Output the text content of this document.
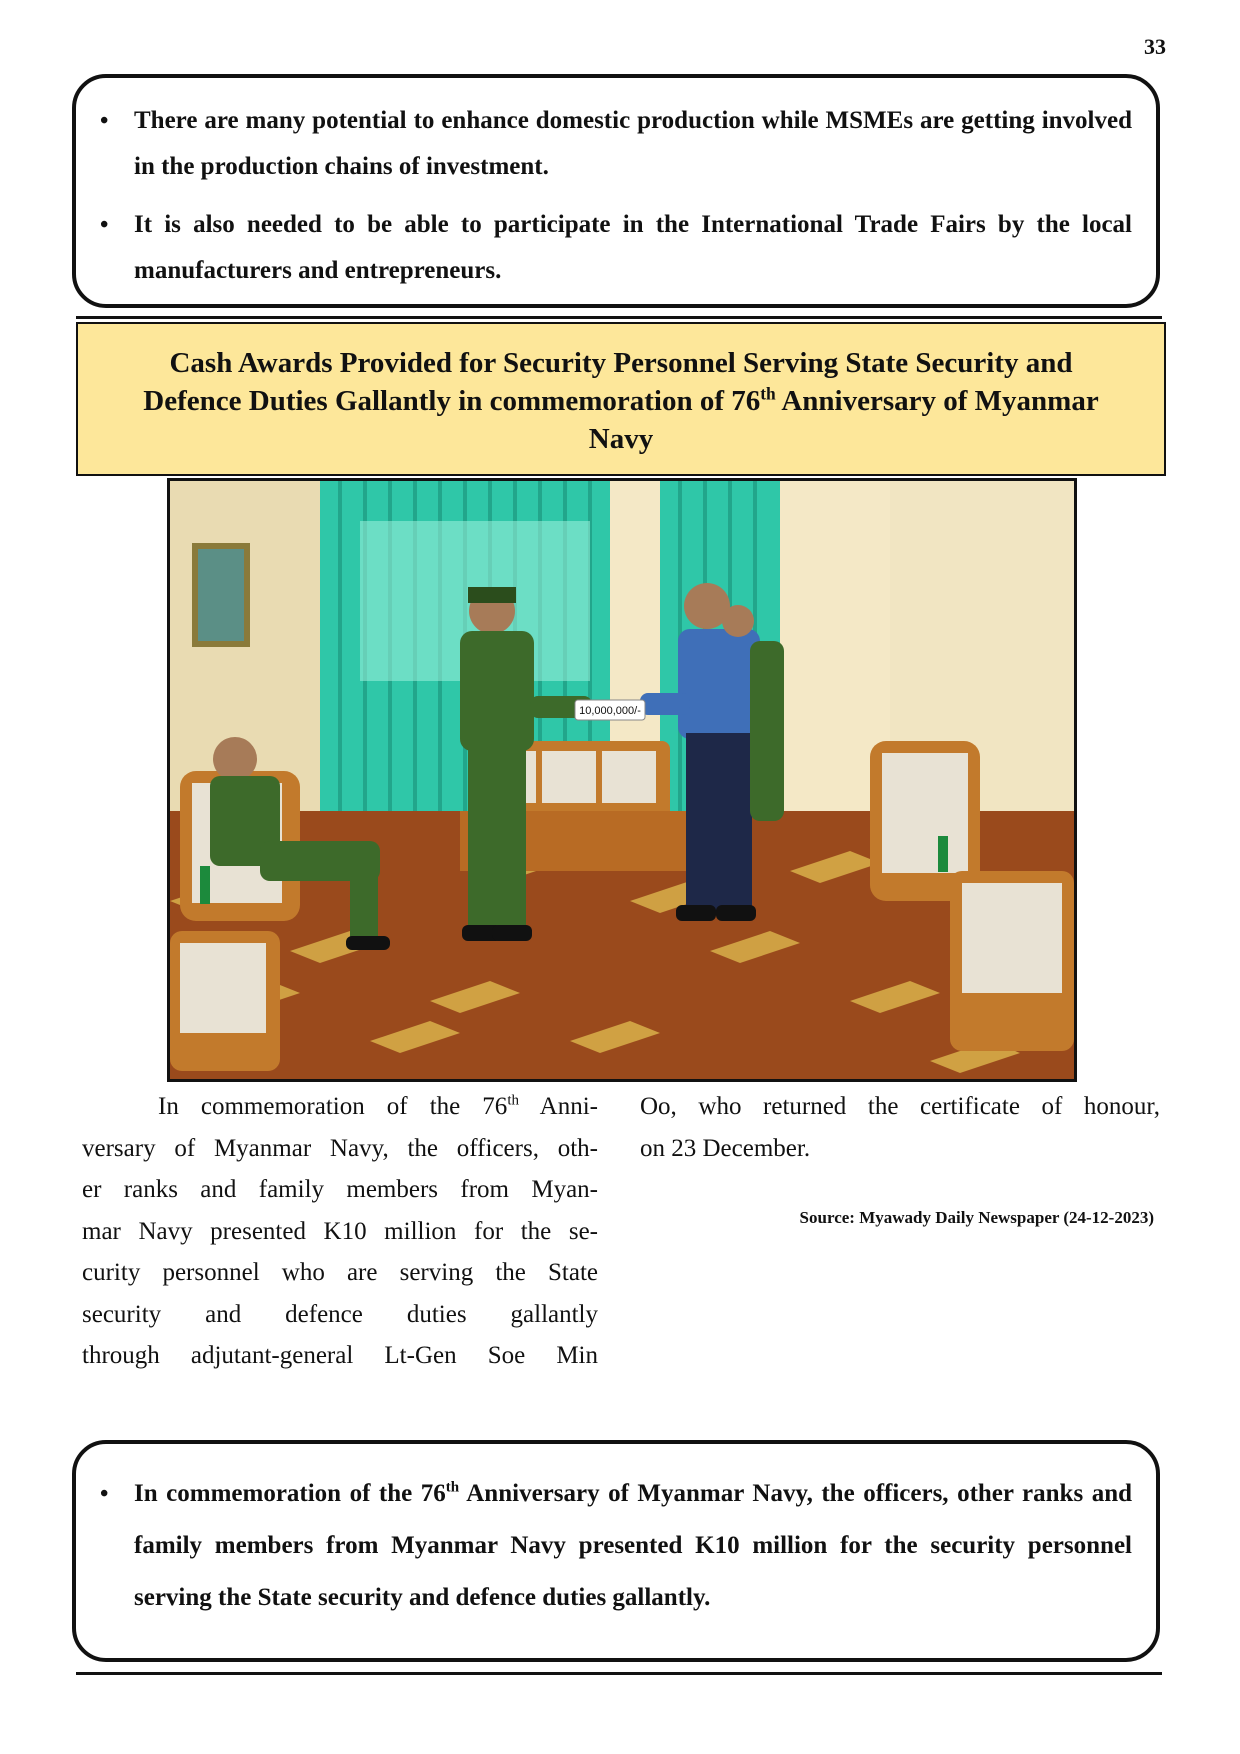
33
• There are many potential to enhance domestic production while MSMEs are getting involved in the production chains of investment.
• It is also needed to be able to participate in the International Trade Fairs by the local manufacturers and entrepreneurs.
Cash Awards Provided for Security Personnel Serving State Security and
Defence Duties Gallantly in commemoration of 76th Anniversary of Myanmar
Navy
10,000,000/-
In commemoration of the 76th Anni-
versary of Myanmar Navy, the officers, oth-
er ranks and family members from Myan-
mar Navy presented K10 million for the se-
curity personnel who are serving the State
security and defence duties gallantly
through adjutant-general Lt-Gen Soe Min
Oo, who returned the certificate of honour,
on 23 December.
Source: Myawady Daily Newspaper (24-12-2023)
• In commemoration of the 76th Anniversary of Myanmar Navy, the officers, other ranks and family members from Myanmar Navy presented K10 million for the security personnel serving the State security and defence duties gallantly.
